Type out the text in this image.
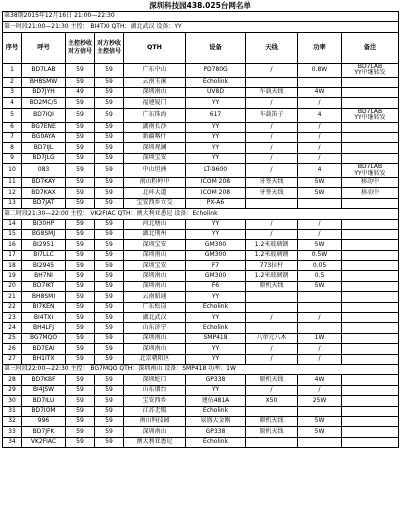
深圳科技园438.025台网名单
第38期2015年12月16日 21:00—22:30								
第一时段21:00—21:30 主控： BI4TXI QTH：湖北武汉 设备：YY								
序号	呼号	主控抄收对方信号	对方抄收主控信号	QTH	设备	天线	功率	备注
1	BD7LAB	59	59	广东中山	PD780G	/	0.8W	BD7LAB
YY中继转发
2	BH8SMW	59	59	云南玉溪	Echolink			
3	BD7JYH	49	59	深圳南山	UV8D	车载天线	4W	
4	BD2MC/5	59	59	福建厦门	YY	/	/	
5	BD7IQI	59	59	广东珠海	617	车载笛子	4	BD7LAB
YY中继转发
6	BG7ENE	59	59	湖南长沙	YY	/	/	
7	BG0AYA	59	59	新疆喀什	YY	/	/	
8	BD7IJL	59	59	深圳观澜	YY	/	/	
9	BD7JLG	59	59	深圳宝安	YY	/	/	
10	083	59	59	中山坦洲	LT-9600	/	4	BD7LAB
YY中继转发
11	BD7KAY	59	59	南山粉岭中	ICOM 208	牙签天线	5W	移动中
12	BD7KAX	59	59	北环大道	ICOM 208	牙签天线	5W	移动中
13	BD7JAT	59	59	宝安西乡立交	PX-A6			
第二时段21:30—22:00 主控： VK2FIAC QTH：澳大利亚悉尼 设备：Echolink								
14	BI30HP	59	59	河北塘山	YY	/	/	
15	BG8SMJ	59	59	湖北荆州	YY	/	/	
16	BI2951	59	59	深圳宝安	GM300	1.2米玻璃钢	5W	
17	BI7LLC	59	59	深圳南山	GM300	1.2米玻璃钢	0.5W	
18	BI2945	59	59	深圳宝安	F7	773拉杆	0.05	
19	BH7NI	59	59	深圳南山	GM300	1.2米玻璃钢	0.5	
20	BD7IKT	59	59	深圳南山	F6	原机天线	5W	
21	BH8SMI	59	59	云南昭通	YY			
22	BI7KEN	59	59	广东松岗	Echolink			
23	BI4TXI	59	59	湖北武汉	YY	/	/	
24	BH4LFJ	59	59	山东济宁	Echolink			
25	BG7MQO	59	59	深圳南山	SMP418	八单元八木	1W	
26	BD7EAI	59	59	深圳南山	YY	/	/	
27	BH1ITX	59	59	北京朝阳区	YY	/	/	
第三时段22:00—22:30 主控： BG7MQO QTH：深圳南山 设备：SMP418 功率：1W								
28	BD7KBF	59	59	深圳蛇口	GP338	原机天线	4W	
29	BI4JSW	59	59	山东烟台	YY	/	/	
30	BD7ILU	59	59	宝安西乡	建伍481A	X50	25W	
31	BD7IOM	59	59	江苏无锡	Echolink			
32	996	59	59	南山科技园	泉盛大金刚	原机天线	5W	
33	BD7JFK	59	59	深圳南山	GP338	原机天线	5W	
34	VK2FIAC	59	59	澳大利亚悉尼	Echolink			
